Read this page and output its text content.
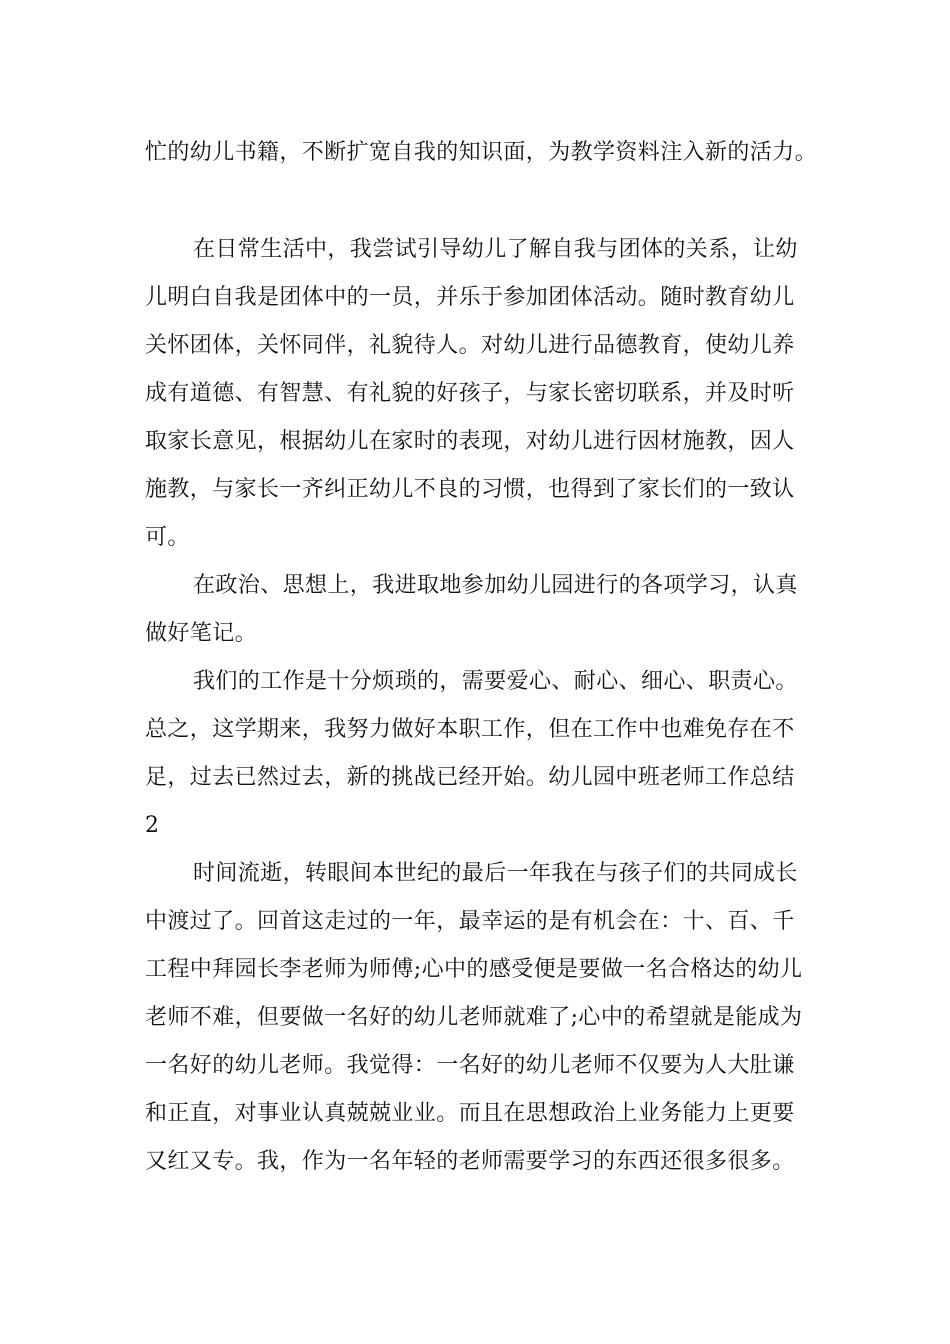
忙的幼儿书籍，不断扩宽自我的知识面，为教学资料注入新的活力。
在日常生活中，我尝试引导幼儿了解自我与团体的关系，让幼
儿明白自我是团体中的一员，并乐于参加团体活动。随时教育幼儿
关怀团体，关怀同伴，礼貌待人。对幼儿进行品德教育，使幼儿养
成有道德、有智慧、有礼貌的好孩子，与家长密切联系，并及时听
取家长意见，根据幼儿在家时的表现，对幼儿进行因材施教，因人
施教，与家长一齐纠正幼儿不良的习惯，也得到了家长们的一致认
可。
在政治、思想上，我进取地参加幼儿园进行的各项学习，认真
做好笔记。
我们的工作是十分烦琐的，需要爱心、耐心、细心、职责心。
总之，这学期来，我努力做好本职工作，但在工作中也难免存在不
足，过去已然过去，新的挑战已经开始。幼儿园中班老师工作总结
2
时间流逝，转眼间本世纪的最后一年我在与孩子们的共同成长
中渡过了。回首这走过的一年，最幸运的是有机会在：十、百、千
工程中拜园长李老师为师傅;心中的感受便是要做一名合格达的幼儿
老师不难，但要做一名好的幼儿老师就难了;心中的希望就是能成为
一名好的幼儿老师。我觉得：一名好的幼儿老师不仅要为人大肚谦
和正直，对事业认真兢兢业业。而且在思想政治上业务能力上更要
又红又专。我，作为一名年轻的老师需要学习的东西还很多很多。
